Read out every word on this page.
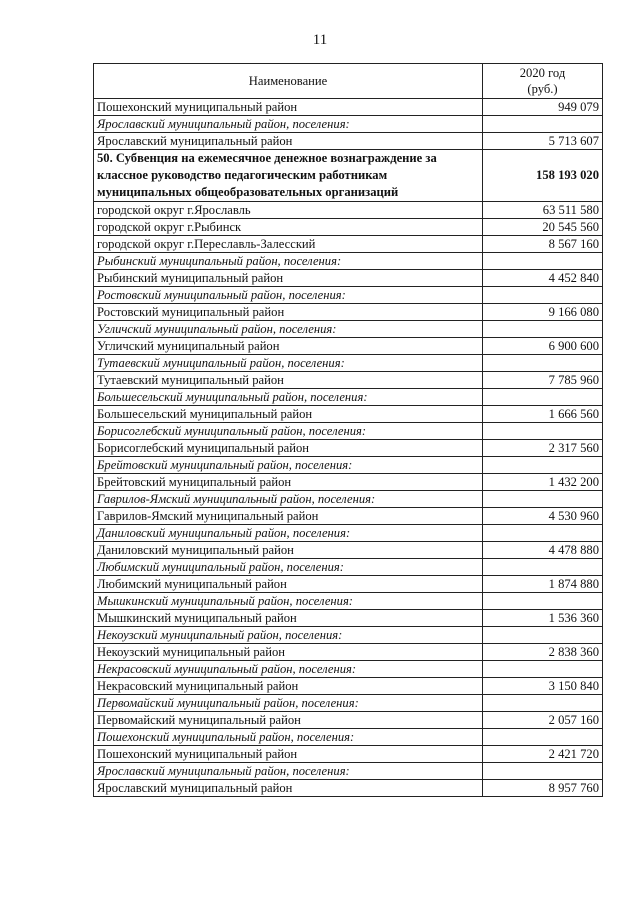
11
Наименование	2020 год
(руб.)

Пошехонский муниципальный район	949 079
Ярославский муниципальный район, поселения:	
Ярославский муниципальный район	5 713 607
50. Субвенция на ежемесячное денежное вознаграждение за классное руководство педагогическим работникам муниципальных общеобразовательных организаций	158 193 020
городской округ г.Ярославль	63 511 580
городской округ г.Рыбинск	20 545 560
городской округ г.Переславль-Залесский	8 567 160
Рыбинский муниципальный район, поселения:	
Рыбинский муниципальный район	4 452 840
Ростовский муниципальный район, поселения:	
Ростовский муниципальный район	9 166 080
Угличский муниципальный район, поселения:	
Угличский муниципальный район	6 900 600
Тутаевский муниципальный район, поселения:	
Тутаевский муниципальный район	7 785 960
Большесельский муниципальный район, поселения:	
Большесельский муниципальный район	1 666 560
Борисоглебский муниципальный район, поселения:	
Борисоглебский муниципальный район	2 317 560
Брейтовский муниципальный район, поселения:	
Брейтовский муниципальный район	1 432 200
Гаврилов-Ямский муниципальный район, поселения:	
Гаврилов-Ямский муниципальный район	4 530 960
Даниловский муниципальный район, поселения:	
Даниловский муниципальный район	4 478 880
Любимский муниципальный район, поселения:	
Любимский муниципальный район	1 874 880
Мышкинский муниципальный район, поселения:	
Мышкинский муниципальный район	1 536 360
Некоузский муниципальный район, поселения:	
Некоузский муниципальный район	2 838 360
Некрасовский муниципальный район, поселения:	
Некрасовский муниципальный район	3 150 840
Первомайский муниципальный район, поселения:	
Первомайский муниципальный район	2 057 160
Пошехонский муниципальный район, поселения:	
Пошехонский муниципальный район	2 421 720
Ярославский муниципальный район, поселения:	
Ярославский муниципальный район	8 957 760
